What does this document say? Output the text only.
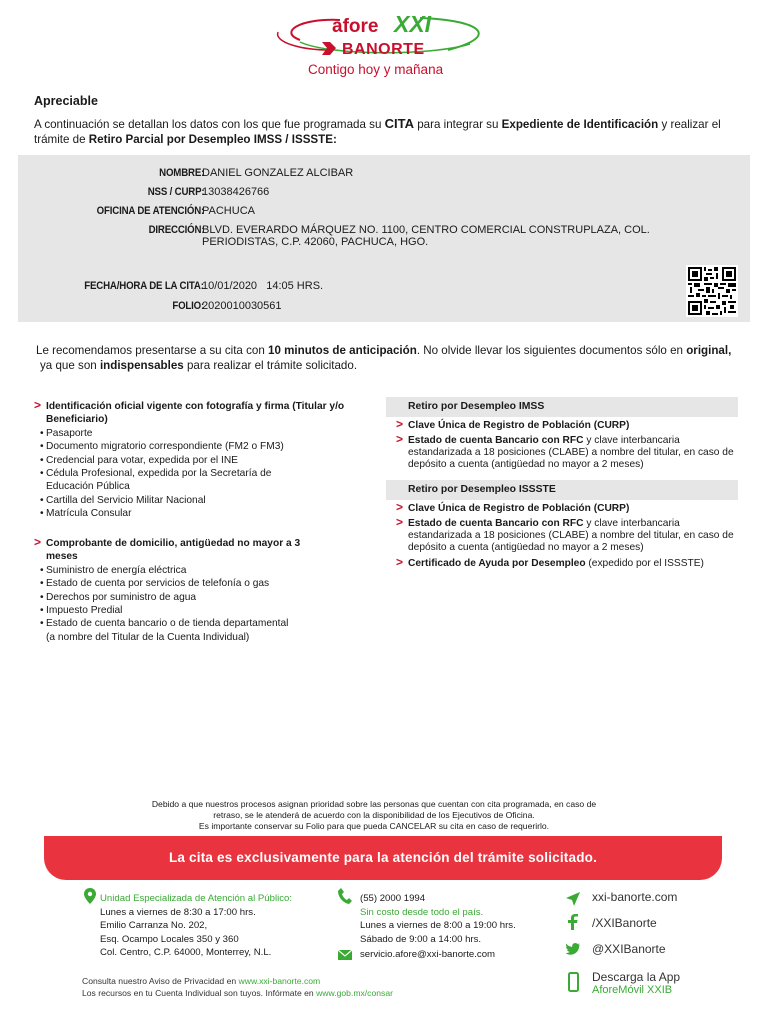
afore XXI
BANORTE
Contigo hoy y mañana
Apreciable
A continuación se detallan los datos con los que fue programada su CITA para integrar su Expediente de Identificación y realizar el trámite de Retiro Parcial por Desempleo IMSS / ISSSTE:
NOMBRE:
DANIEL GONZALEZ ALCIBAR
NSS / CURP:
13038426766
OFICINA DE ATENCIÓN:
PACHUCA
DIRECCIÓN:
BLVD. EVERARDO MÁRQUEZ NO. 1100, CENTRO COMERCIAL CONSTRUPLAZA, COL. PERIODISTAS, C.P. 42060, PACHUCA, HGO.
FECHA/HORA DE LA CITA:
10/01/2020   14:05 HRS.
FOLIO:
2020010030561
Le recomendamos presentarse a su cita con 10 minutos de anticipación. No olvide llevar los siguientes documentos sólo en original,
ya que son indispensables para realizar el trámite solicitado.
> Identificación oficial vigente con fotografía y firma (Titular y/o Beneficiario)
• Pasaporte
• Documento migratorio correspondiente (FM2 o FM3)
• Credencial para votar, expedida por el INE
• Cédula Profesional, expedida por la Secretaría de
Educación Pública
• Cartilla del Servicio Militar Nacional
• Matrícula Consular
> Comprobante de domicilio, antigüedad no mayor a 3 meses
• Suministro de energía eléctrica
• Estado de cuenta por servicios de telefonía o gas
• Derechos por suministro de agua
• Impuesto Predial
• Estado de cuenta bancario o de tienda departamental
(a nombre del Titular de la Cuenta Individual)
Retiro por Desempleo IMSS
> Clave Única de Registro de Población (CURP)
> Estado de cuenta Bancario con RFC y clave interbancaria estandarizada a 18 posiciones (CLABE) a nombre del titular, en caso de depósito a cuenta (antigüedad no mayor a 2 meses)
Retiro por Desempleo ISSSTE
> Clave Única de Registro de Población (CURP)
> Estado de cuenta Bancario con RFC y clave interbancaria estandarizada a 18 posiciones (CLABE) a nombre del titular, en caso de depósito a cuenta (antigüedad no mayor a 2 meses)
> Certificado de Ayuda por Desempleo (expedido por el ISSSTE)
Debido a que nuestros procesos asignan prioridad sobre las personas que cuentan con cita programada, en caso de
retraso, se le atenderá de acuerdo con la disponibilidad de los Ejecutivos de Oficina.
Es importante conservar su Folio para que pueda CANCELAR su cita en caso de requerirlo.
La cita es exclusivamente para la atención del trámite solicitado.
Unidad Especializada de Atención al Público:
Lunes a viernes de 8:30 a 17:00 hrs.
Emilio Carranza No. 202,
Esq. Ocampo Locales 350 y 360
Col. Centro, C.P. 64000, Monterrey, N.L.
(55) 2000 1994
Sin costo desde todo el país.
Lunes a viernes de 8:00 a 19:00 hrs.
Sábado de 9:00 a 14:00 hrs.
servicio.afore@xxi-banorte.com
xxi-banorte.com
/XXIBanorte
@XXIBanorte
Descarga la App
AforeMóvil XXIB
Consulta nuestro Aviso de Privacidad en www.xxi-banorte.com
Los recursos en tu Cuenta Individual son tuyos. Infórmate en www.gob.mx/consar
